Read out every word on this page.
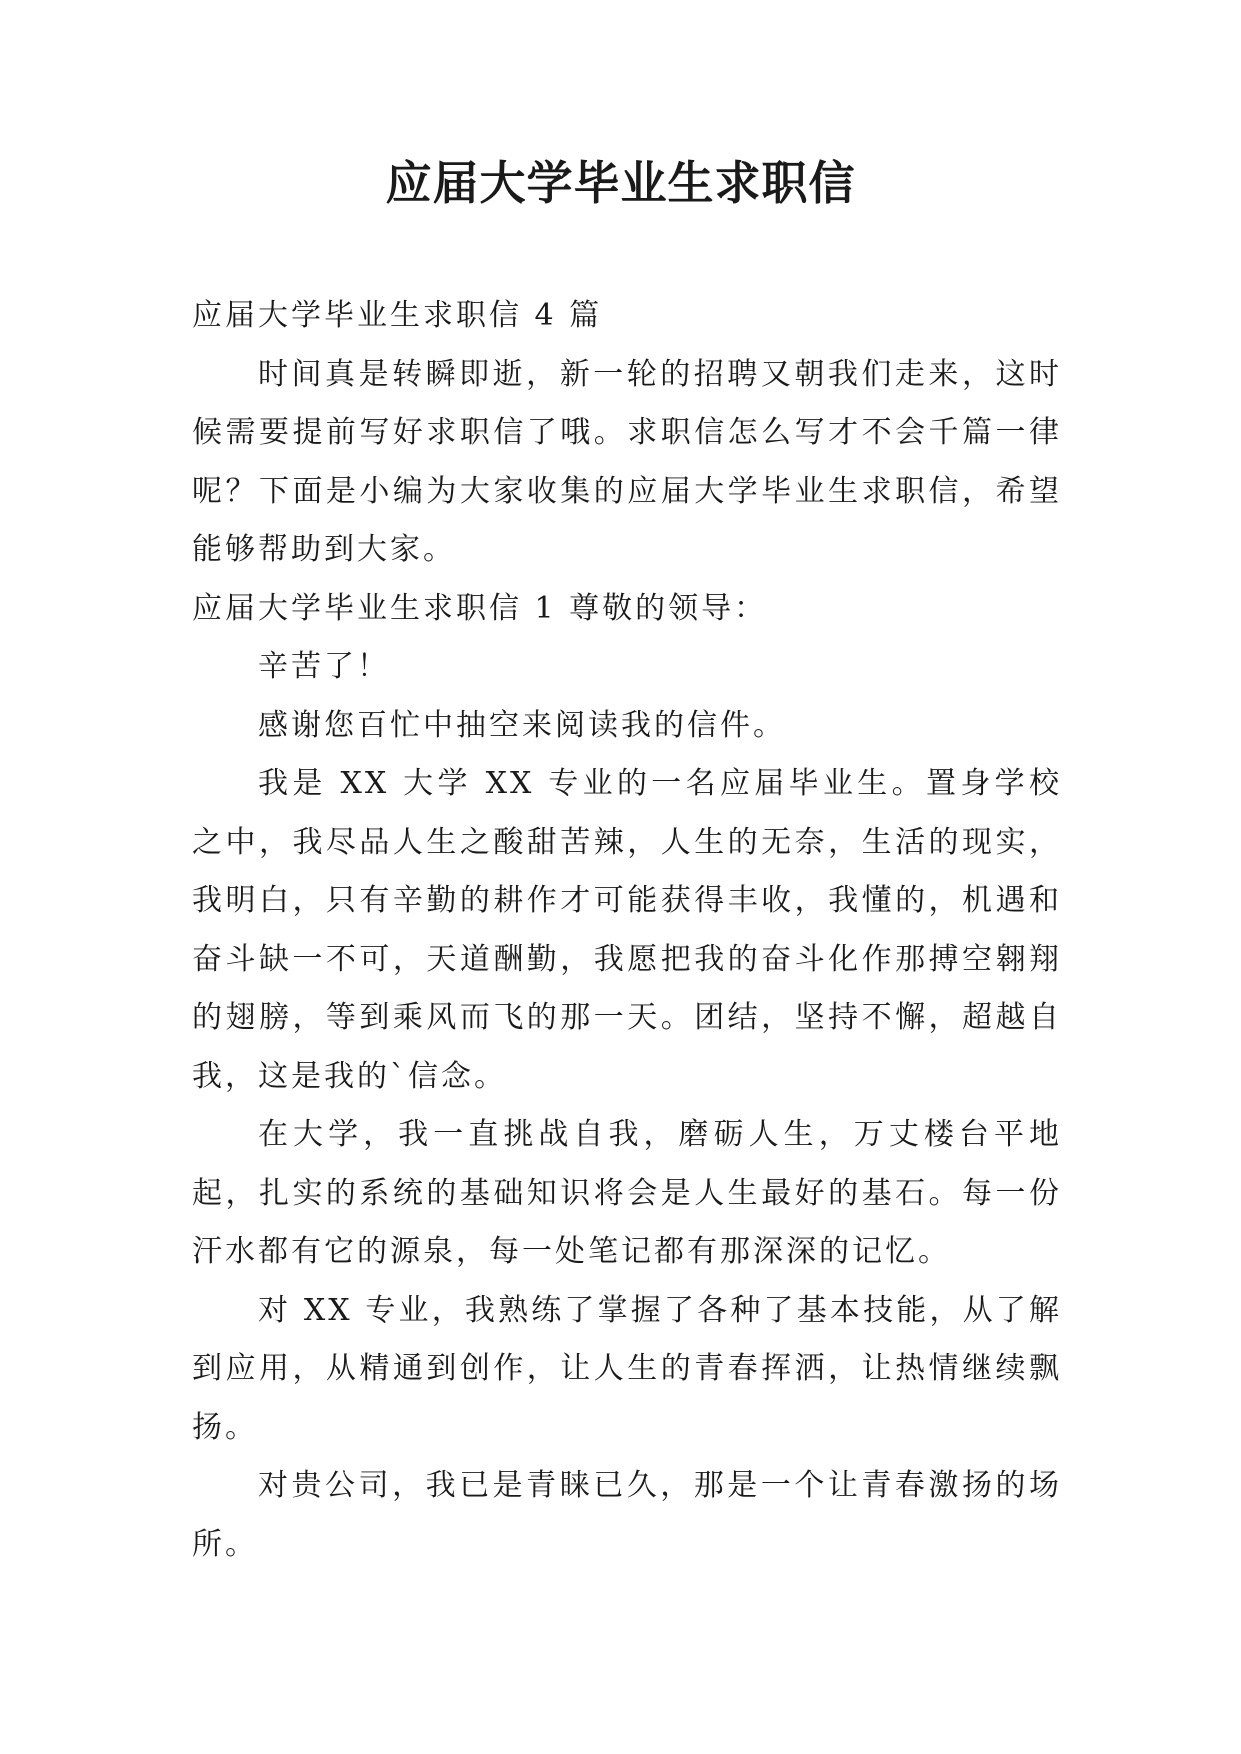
应届大学毕业生求职信

应届大学毕业生求职信 4 篇

时间真是转瞬即逝，新一轮的招聘又朝我们走来，这时候需要提前写好求职信了哦。求职信怎么写才不会千篇一律呢？下面是小编为大家收集的应届大学毕业生求职信，希望能够帮助到大家。

应届大学毕业生求职信 1 尊敬的领导：

辛苦了！

感谢您百忙中抽空来阅读我的信件。

我是 XX 大学 XX 专业的一名应届毕业生。置身学校之中，我尽品人生之酸甜苦辣，人生的无奈，生活的现实，我明白，只有辛勤的耕作才可能获得丰收，我懂的，机遇和奋斗缺一不可，天道酬勤，我愿把我的奋斗化作那搏空翱翔的翅膀，等到乘风而飞的那一天。团结，坚持不懈，超越自我，这是我的`信念。

在大学，我一直挑战自我，磨砺人生，万丈楼台平地起，扎实的系统的基础知识将会是人生最好的基石。每一份汗水都有它的源泉，每一处笔记都有那深深的记忆。

对 XX 专业，我熟练了掌握了各种了基本技能，从了解到应用，从精通到创作，让人生的青春挥洒，让热情继续飘扬。

对贵公司，我已是青睐已久，那是一个让青春激扬的场所。
